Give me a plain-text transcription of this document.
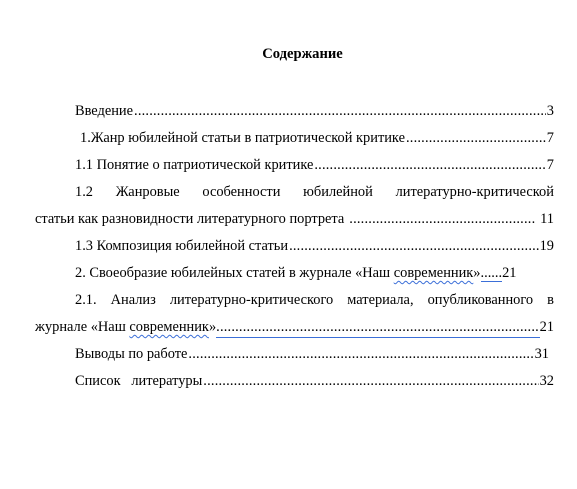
Содержание
Введение .....	3
1.Жанр юбилейной статьи в патриотической критике .....	7
1.1 Понятие о патриотической критике .....	7
1.2 Жанровые особенности юбилейной литературно-критической
статьи как разновидности литературного портрета .....	11
1.3 Композиция юбилейной статьи .....	19
2. Своеобразие юбилейных статей в журнале «Наш современник»...... 21
2.1. Анализ литературно-критического материала, опубликованного в
журнале «Наш современник» .....	21
Выводы по работе .....	31
Список   литературы .....	32
